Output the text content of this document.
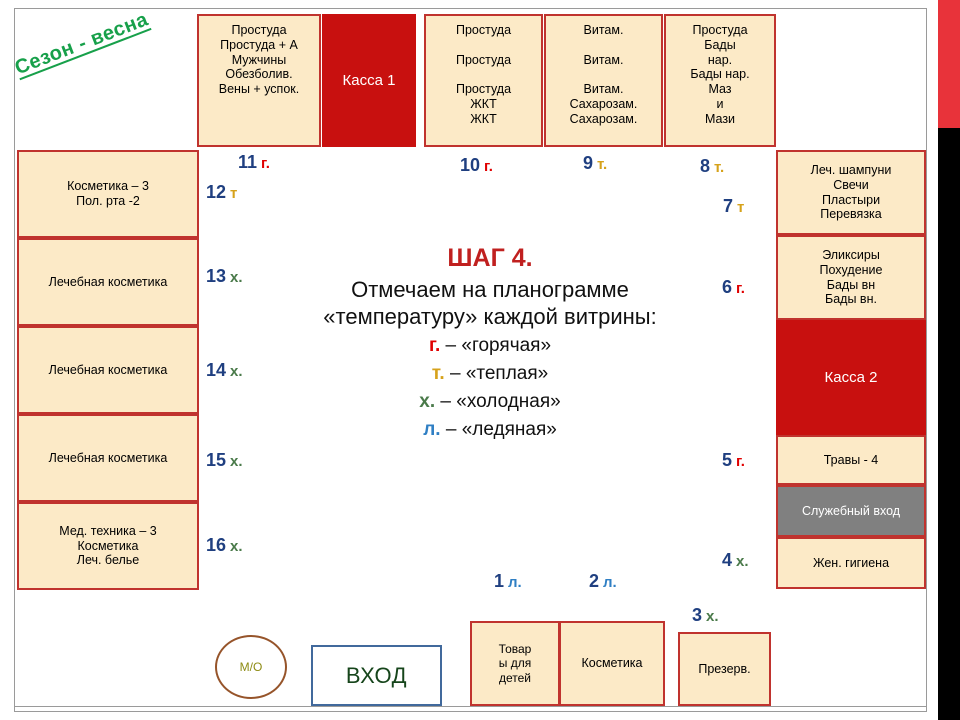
Сезон - весна	Простуда
Простуда + А
Мужчины
Обезболив.
Вены + успок.
Касса 1
Простуда

Простуда

Простуда
ЖКТ
ЖКТ
Витам.

Витам.

Витам.
Сахарозам.
Сахарозам.
Простуда
Бады
нар.
Бады нар.
Маз
и
Мази
Косметика – 3
Пол. рта -2
Лечебная косметика
Лечебная косметика
Лечебная косметика
Мед. техника – 3
Косметика
Леч. белье
Леч. шампуни
Свечи
Пластыри
Перевязка
Эликсиры
Похудение
Бады вн
Бады вн.
Касса 2
Травы - 4
Служебный вход
Жен. гигиена
Товар
ы для
детей
Косметика	Презерв.
ВХОД
М/О
ШАГ 4.
Отмечаем на планограмме
«температуру» каждой витрины:
г. – «горячая»
т. – «теплая»
х. – «холодная»
л. – «ледяная»
11 г.
12 т
13 х.
14 х.
15 х.
16 х.
10 г.	9 т.	8 т.
7 т
6 г.
5 г.
4 х.
3 х.
1 л.	2 л.
